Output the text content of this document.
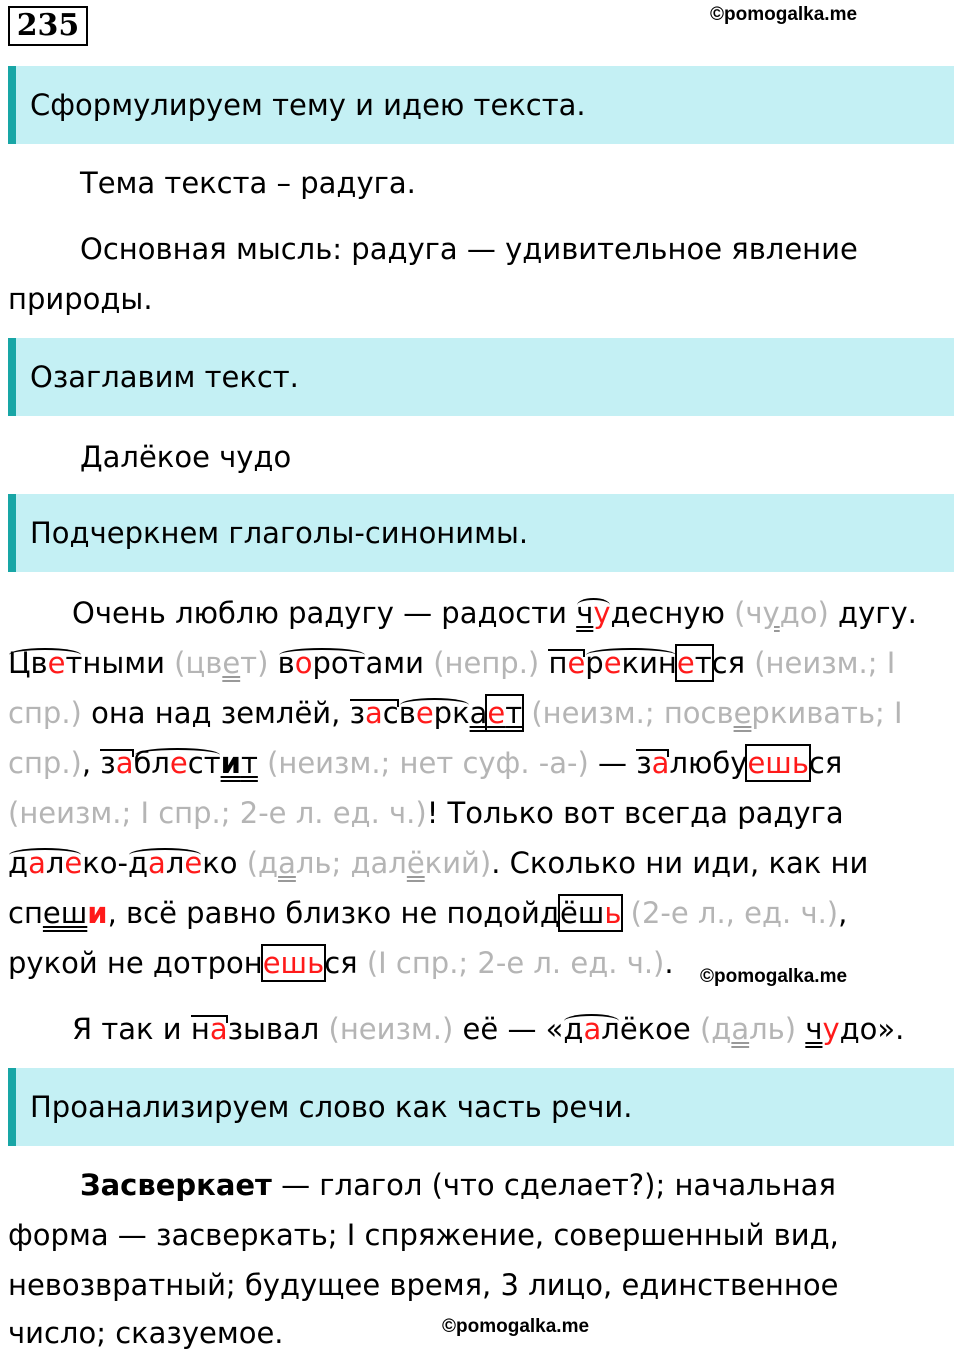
235	©pomogalka.me
Сформулируем тему и идею текста.
Тема текста – радуга.
Основная мысль: радуга — удивительное явление
природы.
Озаглавим текст.
Далёкое чудо
Подчеркнем глаголы-синонимы.
Очень люблю радугу — радости чудесную (чудо) дугу.
Цветными (цвет) воротами (непр.) перекинется (неизм.; I
спр.) она над землёй, засверкает (неизм.; посверкивать; I
спр.), заблестит (неизм.; нет суф. -а-) — залюбуешься
(неизм.; I спр.; 2-е л. ед. ч.)! Только вот всегда радуга
далеко-далеко (даль; далёкий). Сколько ни иди, как ни
спеши, всё равно близко не подойдёшь (2-е л., ед. ч.),
рукой не дотронешься (I спр.; 2-е л. ед. ч.). ©pomogalka.me
Я так и называл (неизм.) её — «далёкое (даль) чудо».
Проанализируем слово как часть речи.
Засверкает — глагол (что сделает?); начальная
форма — засверкать; I спряжение, совершенный вид,
невозвратный; будущее время, 3 лицо, единственное
число; сказуемое.	©pomogalka.me
